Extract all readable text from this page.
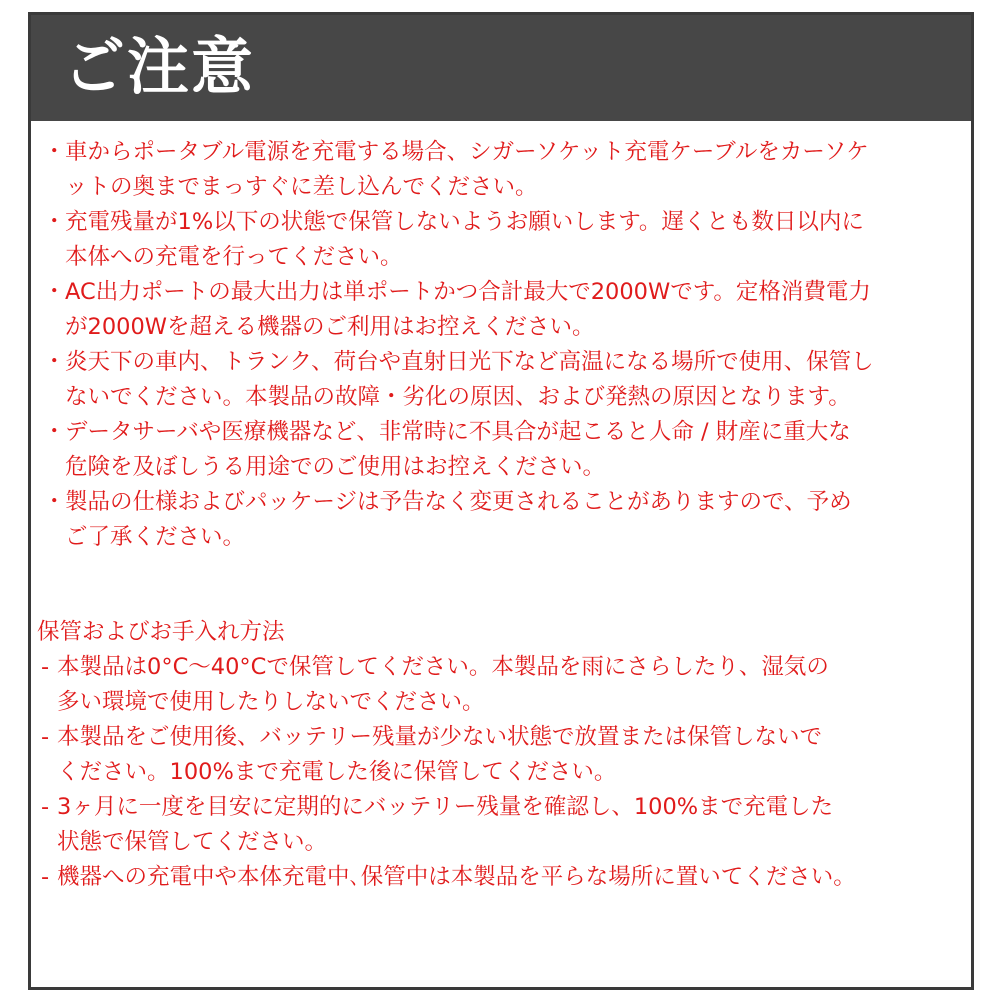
ご注意
・ 車からポータブル電源を充電する場合、シガーソケット充電ケーブルをカーソケ
ットの奥までまっすぐに差し込んでください。
・ 充電残量が1%以下の状態で保管しないようお願いします。遅くとも数日以内に
本体への充電を行ってください。
・ AC出力ポートの最大出力は単ポートかつ合計最大で2000Wです。定格消費電力
が2000Wを超える機器のご利用はお控えください。
・ 炎天下の車内、トランク、荷台や直射日光下など高温になる場所で使用、保管し
ないでください。本製品の故障・劣化の原因、および発熱の原因となります。
・ データサーバや医療機器など、非常時に不具合が起こると人命 / 財産に重大な
危険を及ぼしうる用途でのご使用はお控えください。
・ 製品の仕様およびパッケージは予告なく変更されることがありますので、予め
ご了承ください。
保管およびお手入れ方法
- 本製品は0°C～40°Cで保管してください。本製品を雨にさらしたり、湿気の
多い環境で使用したりしないでください。
- 本製品をご使用後、バッテリー残量が少ない状態で放置または保管しないで
ください。100%まで充電した後に保管してください。
- 3ヶ月に一度を目安に定期的にバッテリー残量を確認し、100%まで充電した
状態で保管してください。
- 機器への充電中や本体充電中､保管中は本製品を平らな場所に置いてください。
